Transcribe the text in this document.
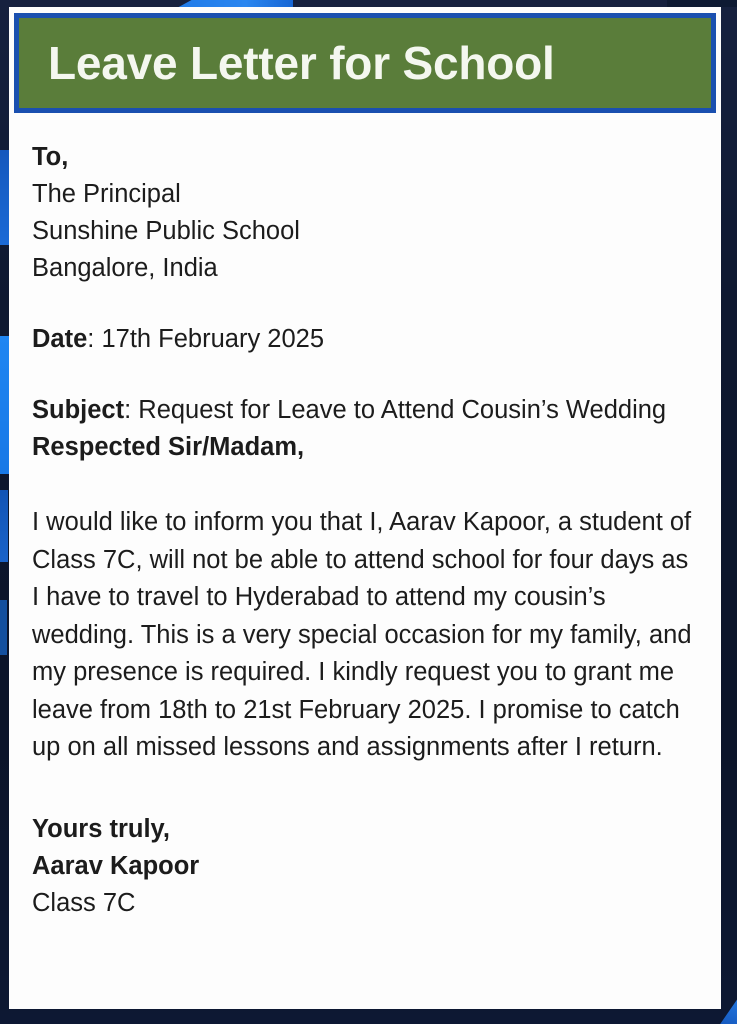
Leave Letter for School

To,

The Principal

Sunshine Public School

Bangalore, India

Date: 17th February 2025

Subject: Request for Leave to Attend Cousin’s Wedding

Respected Sir/Madam,

I would like to inform you that I, Aarav Kapoor, a student of Class 7C, will not be able to attend school for four days as I have to travel to Hyderabad to attend my cousin’s wedding. This is a very special occasion for my family, and my presence is required. I kindly request you to grant me leave from 18th to 21st February 2025. I promise to catch up on all missed lessons and assignments after I return.

Yours truly,

Aarav Kapoor

Class 7C
